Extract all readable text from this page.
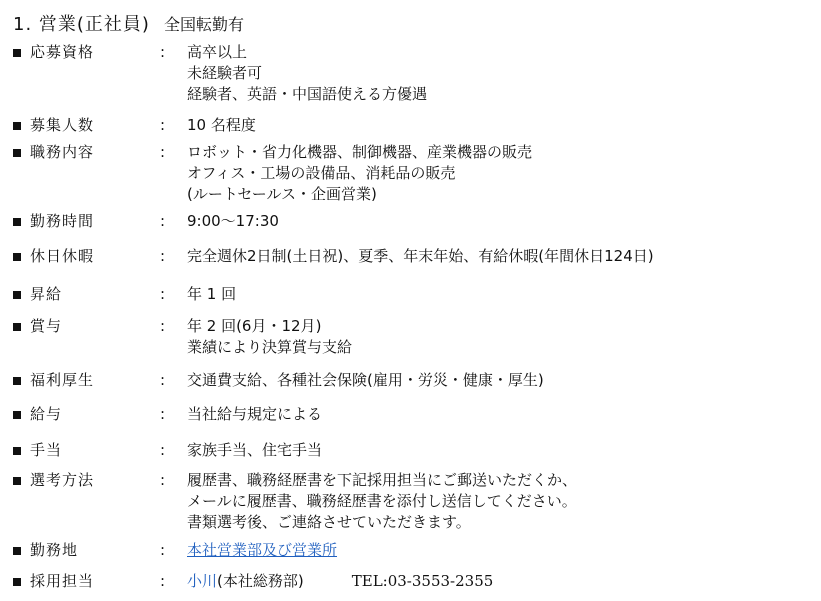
1. 営業(正社員) 全国転勤有
応募資格	: 高卒以上
未経験者可
経験者、英語・中国語使える方優遇
募集人数	: 10 名程度
職務内容	: ロボット・省力化機器、制御機器、産業機器の販売
オフィス・工場の設備品、消耗品の販売
(ルートセールス・企画営業)
勤務時間	: 9:00〜17:30
休日休暇	: 完全週休2日制(土日祝)、夏季、年末年始、有給休暇(年間休日124日)
昇給	: 年 1 回
賞与	: 年 2 回(6月・12月)
業績により決算賞与支給
福利厚生	: 交通費支給、各種社会保険(雇用・労災・健康・厚生)
給与	: 当社給与規定による
手当	: 家族手当、住宅手当
選考方法	: 履歴書、職務経歴書を下記採用担当にご郵送いただくか、
メールに履歴書、職務経歴書を添付し送信してください。
書類選考後、ご連絡させていただきます。
勤務地	: 本社営業部及び営業所
採用担当	: 小川(本社総務部)	TEL:03-3553-2355
